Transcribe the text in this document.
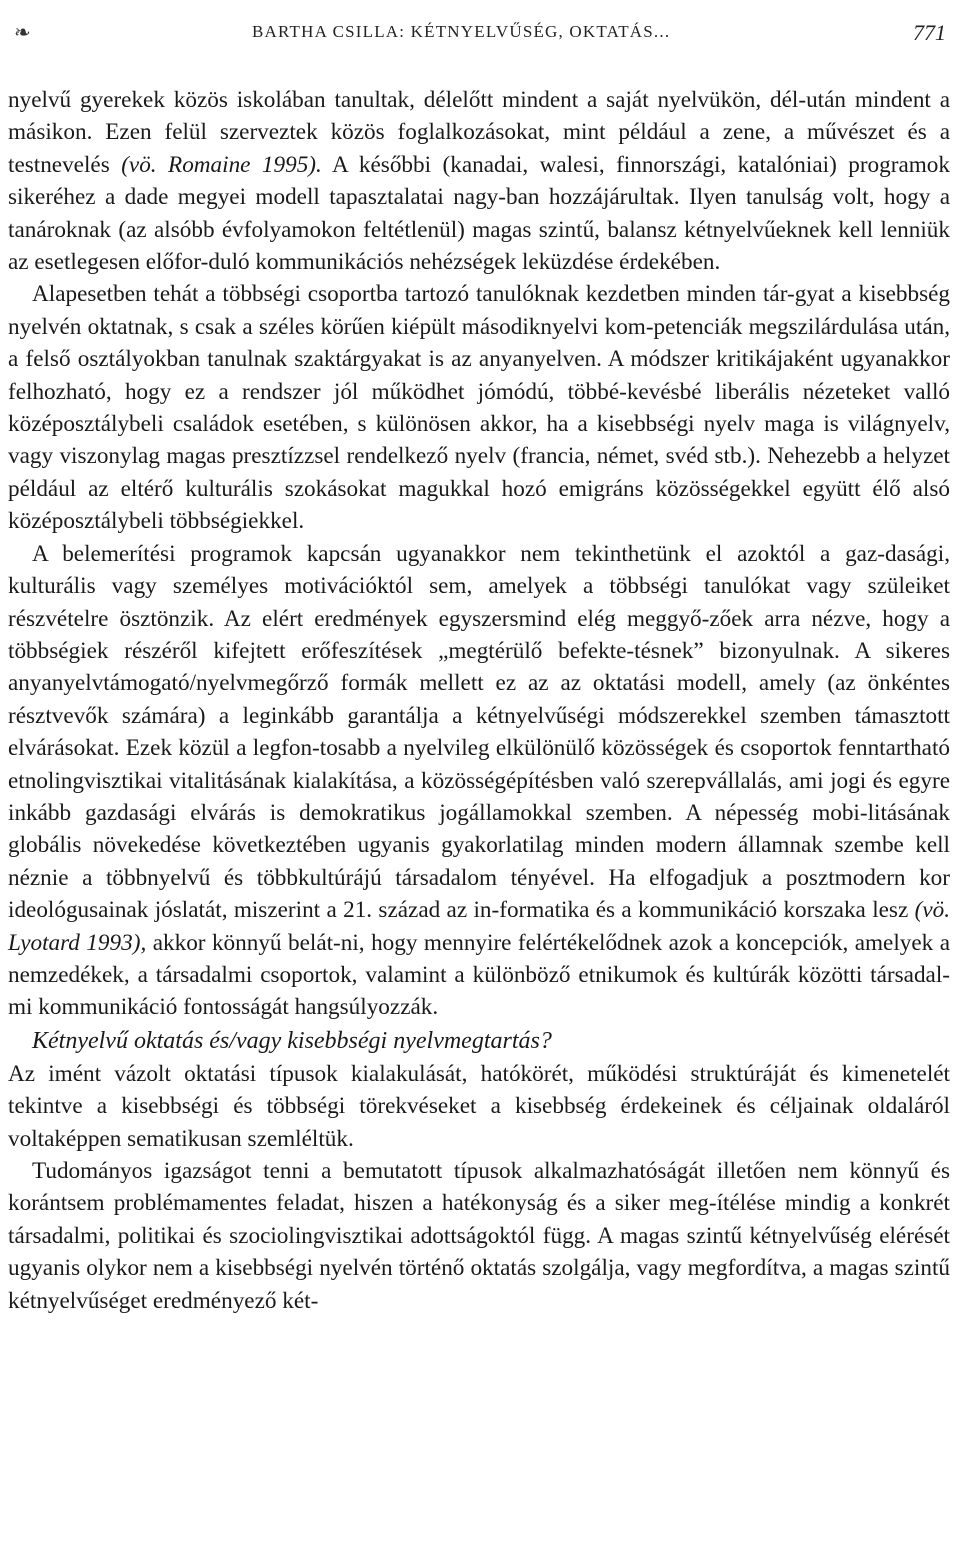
❧	BARTHA CSILLA: KÉTNYELVŰSÉG, OKTATÁS...	771

nyelvű gyerekek közös iskolában tanultak, délelőtt mindent a saját nyelvükön, dél-után mindent a másikon. Ezen felül szerveztek közös foglalkozásokat, mint például a zene, a művészet és a testnevelés (vö. Romaine 1995). A későbbi (kanadai, walesi, finnországi, katalóniai) programok sikeréhez a dade megyei modell tapasztalatai nagy-ban hozzájárultak. Ilyen tanulság volt, hogy a tanároknak (az alsóbb évfolyamokon feltétlenül) magas szintű, balansz kétnyelvűeknek kell lenniük az esetlegesen előfor-duló kommunikációs nehézségek leküzdése érdekében.

Alapesetben tehát a többségi csoportba tartozó tanulóknak kezdetben minden tár-gyat a kisebbség nyelvén oktatnak, s csak a széles körűen kiépült másodiknyelvi kom-petenciák megszilárdulása után, a felső osztályokban tanulnak szaktárgyakat is az anyanyelven. A módszer kritikájaként ugyanakkor felhozható, hogy ez a rendszer jól működhet jómódú, többé-kevésbé liberális nézeteket valló középosztálybeli családok esetében, s különösen akkor, ha a kisebbségi nyelv maga is világnyelv, vagy viszonylag magas presztízzsel rendelkező nyelv (francia, német, svéd stb.). Nehezebb a helyzet például az eltérő kulturális szokásokat magukkal hozó emigráns közösségekkel együtt élő alsó középosztálybeli többségiekkel.

A belemerítési programok kapcsán ugyanakkor nem tekinthetünk el azoktól a gaz-dasági, kulturális vagy személyes motivációktól sem, amelyek a többségi tanulókat vagy szüleiket részvételre ösztönzik. Az elért eredmények egyszersmind elég meggyő-zőek arra nézve, hogy a többségiek részéről kifejtett erőfeszítések „megtérülő befekte-tésnek” bizonyulnak. A sikeres anyanyelvtámogató/nyelvmegőrző formák mellett ez az az oktatási modell, amely (az önkéntes résztvevők számára) a leginkább garantálja a kétnyelvűségi módszerekkel szemben támasztott elvárásokat. Ezek közül a legfon-tosabb a nyelvileg elkülönülő közösségek és csoportok fenntartható etnolingvisztikai vitalitásának kialakítása, a közösségépítésben való szerepvállalás, ami jogi és egyre inkább gazdasági elvárás is demokratikus jogállamokkal szemben. A népesség mobi-litásának globális növekedése következtében ugyanis gyakorlatilag minden modern államnak szembe kell néznie a többnyelvű és többkultúrájú társadalom tényével. Ha elfogadjuk a posztmodern kor ideológusainak jóslatát, miszerint a 21. század az in-formatika és a kommunikáció korszaka lesz (vö. Lyotard 1993), akkor könnyű belát-ni, hogy mennyire felértékelődnek azok a koncepciók, amelyek a nemzedékek, a társadalmi csoportok, valamint a különböző etnikumok és kultúrák közötti társadal-mi kommunikáció fontosságát hangsúlyozzák.

Kétnyelvű oktatás és/vagy kisebbségi nyelvmegtartás?

Az imént vázolt oktatási típusok kialakulását, hatókörét, működési struktúráját és kimenetelét tekintve a kisebbségi és többségi törekvéseket a kisebbség érdekeinek és céljainak oldaláról voltaképpen sematikusan szemléltük.

Tudományos igazságot tenni a bemutatott típusok alkalmazhatóságát illetően nem könnyű és korántsem problémamentes feladat, hiszen a hatékonyság és a siker meg-ítélése mindig a konkrét társadalmi, politikai és szociolingvisztikai adottságoktól függ. A magas szintű kétnyelvűség elérését ugyanis olykor nem a kisebbségi nyelvén történő oktatás szolgálja, vagy megfordítva, a magas szintű kétnyelvűséget eredményező két-
